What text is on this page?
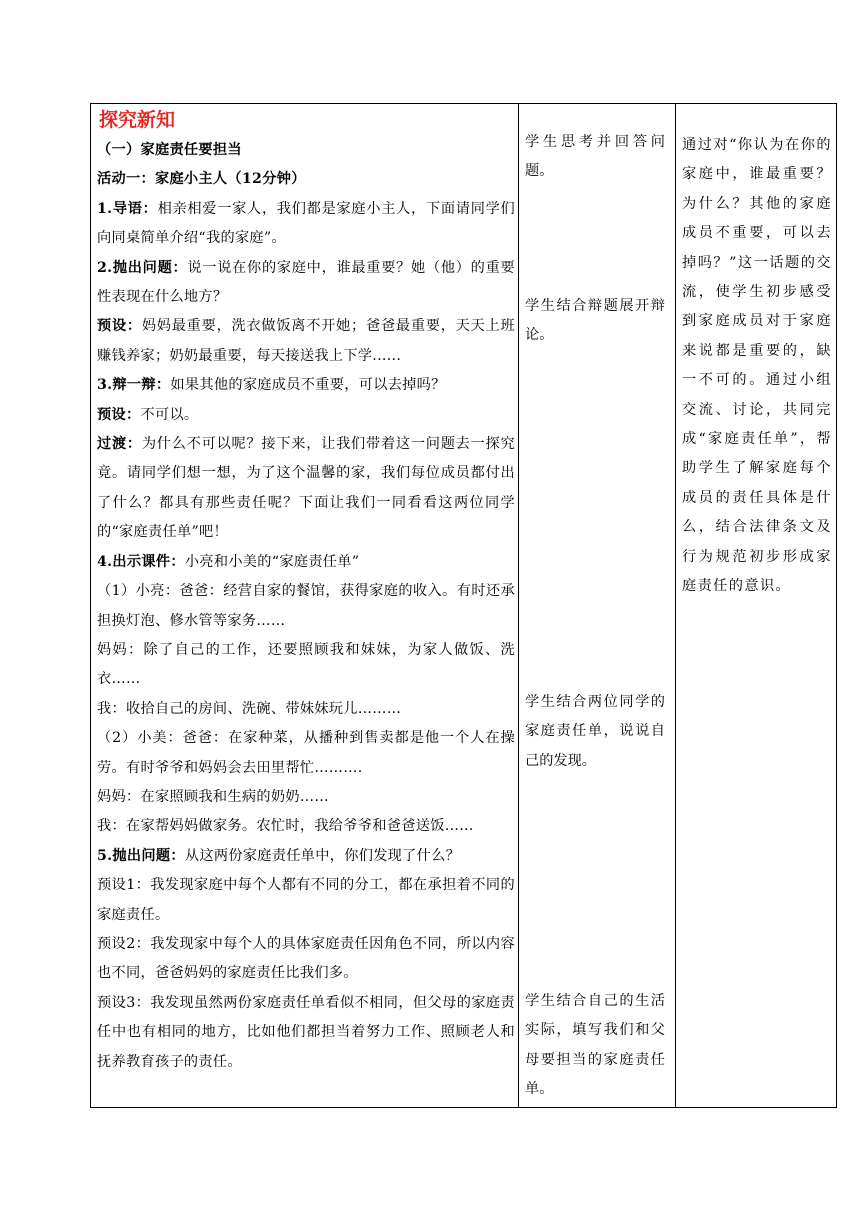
探究新知

（一）家庭责任要担当

活动一：家庭小主人（12分钟）

1.导语：相亲相爱一家人，我们都是家庭小主人，下面请同学们向同桌简单介绍“我的家庭”。

2.抛出问题：说一说在你的家庭中，谁最重要？她（他）的重要性表现在什么地方？

预设：妈妈最重要，洗衣做饭离不开她；爸爸最重要，天天上班赚钱养家；奶奶最重要，每天接送我上下学......

3.辩一辩：如果其他的家庭成员不重要，可以去掉吗？

预设：不可以。

过渡：为什么不可以呢？接下来，让我们带着这一问题去一探究竟。请同学们想一想，为了这个温馨的家，我们每位成员都付出了什么？都具有那些责任呢？下面让我们一同看看这两位同学的“家庭责任单”吧！

4.出示课件：小亮和小美的“家庭责任单”

（1）小亮：爸爸：经营自家的餐馆，获得家庭的收入。有时还承担换灯泡、修水管等家务……

妈妈：除了自己的工作，还要照顾我和妹妹，为家人做饭、洗衣……

我：收拾自己的房间、洗碗、带妹妹玩儿………

（2）小美：爸爸：在家种菜，从播种到售卖都是他一个人在操劳。有时爷爷和妈妈会去田里帮忙……….

妈妈：在家照顾我和生病的奶奶……

我：在家帮妈妈做家务。农忙时，我给爷爷和爸爸送饭……

5.抛出问题：从这两份家庭责任单中，你们发现了什么？

预设1：我发现家庭中每个人都有不同的分工，都在承担着不同的家庭责任。

预设2：我发现家中每个人的具体家庭责任因角色不同，所以内容也不同，爸爸妈妈的家庭责任比我们多。

预设3：我发现虽然两份家庭责任单看似不相同，但父母的家庭责任中也有相同的地方，比如他们都担当着努力工作、照顾老人和抚养教育孩子的责任。

学生思考并回答问题。
学生结合辩题展开辩论。
学生结合两位同学的家庭责任单，说说自己的发现。
学生结合自己的生活实际，填写我们和父母要担当的家庭责任单。
通过对“你认为在你的家庭中，谁最重要？为什么？其他的家庭成员不重要，可以去掉吗？”这一话题的交流，使学生初步感受到家庭成员对于家庭来说都是重要的，缺一不可的。通过小组交流、讨论，共同完成“家庭责任单”，帮助学生了解家庭每个成员的责任具体是什么，结合法律条文及行为规范初步形成家庭责任的意识。
